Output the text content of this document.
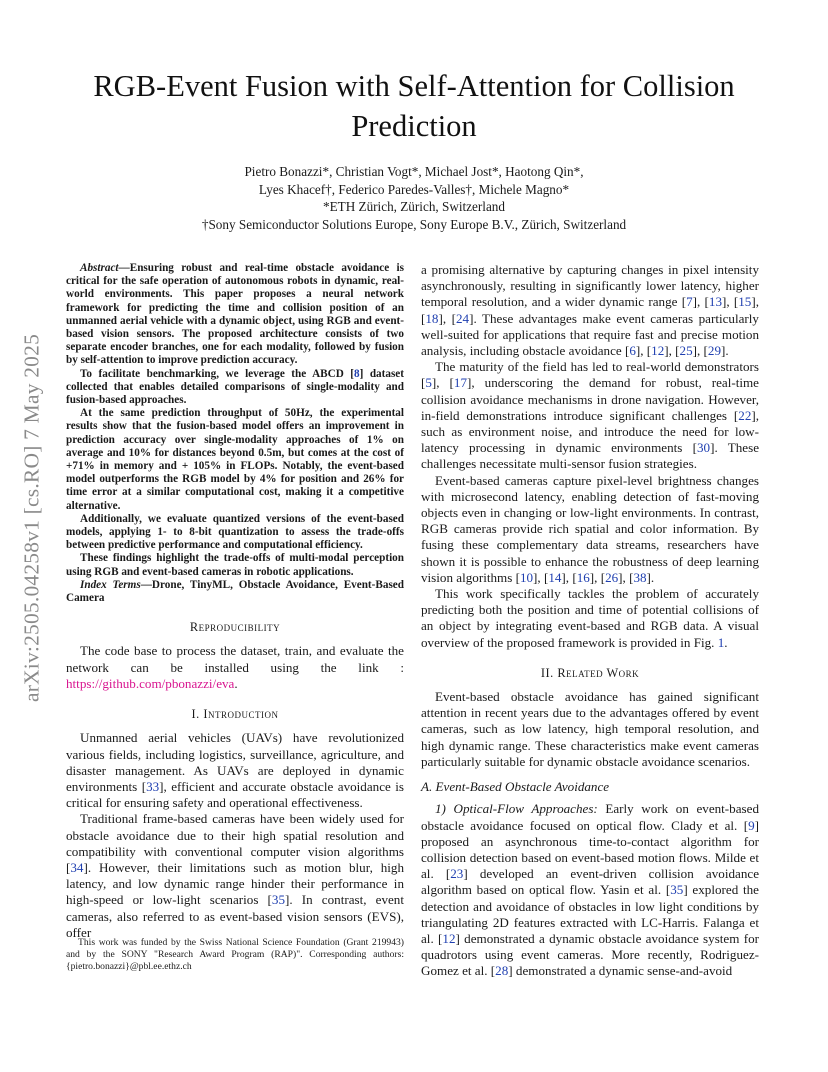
arXiv:2505.04258v1 [cs.RO] 7 May 2025
RGB-Event Fusion with Self-Attention for Collision Prediction
Pietro Bonazzi*, Christian Vogt*, Michael Jost*, Haotong Qin*,
Lyes Khacef†, Federico Paredes-Valles†, Michele Magno*
*ETH Zürich, Zürich, Switzerland
†Sony Semiconductor Solutions Europe, Sony Europe B.V., Zürich, Switzerland

Abstract—Ensuring robust and real-time obstacle avoidance is critical for the safe operation of autonomous robots in dynamic, real-world environments. This paper proposes a neural network framework for predicting the time and collision position of an unmanned aerial vehicle with a dynamic object, using RGB and event-based vision sensors. The proposed architecture consists of two separate encoder branches, one for each modality, followed by fusion by self-attention to improve prediction accuracy.

To facilitate benchmarking, we leverage the ABCD [8] dataset collected that enables detailed comparisons of single-modality and fusion-based approaches.

At the same prediction throughput of 50Hz, the experimental results show that the fusion-based model offers an improvement in prediction accuracy over single-modality approaches of 1% on average and 10% for distances beyond 0.5m, but comes at the cost of +71% in memory and + 105% in FLOPs. Notably, the event-based model outperforms the RGB model by 4% for position and 26% for time error at a similar computational cost, making it a competitive alternative.

Additionally, we evaluate quantized versions of the event-based models, applying 1- to 8-bit quantization to assess the trade-offs between predictive performance and computational efficiency.

These findings highlight the trade-offs of multi-modal perception using RGB and event-based cameras in robotic applications.

Index Terms—Drone, TinyML, Obstacle Avoidance, Event-Based Camera

Reproducibility

The code base to process the dataset, train, and evaluate the network can be installed using the link : https://github.com/pbonazzi/eva.

I. Introduction

Unmanned aerial vehicles (UAVs) have revolutionized various fields, including logistics, surveillance, agriculture, and disaster management. As UAVs are deployed in dynamic environments [33], efficient and accurate obstacle avoidance is critical for ensuring safety and operational effectiveness.

Traditional frame-based cameras have been widely used for obstacle avoidance due to their high spatial resolution and compatibility with conventional computer vision algorithms [34]. However, their limitations such as motion blur, high latency, and low dynamic range hinder their performance in high-speed or low-light scenarios [35]. In contrast, event cameras, also referred to as event-based vision sensors (EVS), offer

This work was funded by the Swiss National Science Foundation (Grant 219943) and by the SONY "Research Award Program (RAP)". Corresponding authors: {pietro.bonazzi}@pbl.ee.ethz.ch

a promising alternative by capturing changes in pixel intensity asynchronously, resulting in significantly lower latency, higher temporal resolution, and a wider dynamic range [7], [13], [15], [18], [24]. These advantages make event cameras particularly well-suited for applications that require fast and precise motion analysis, including obstacle avoidance [6], [12], [25], [29].

The maturity of the field has led to real-world demonstrators [5], [17], underscoring the demand for robust, real-time collision avoidance mechanisms in drone navigation. However, in-field demonstrations introduce significant challenges [22], such as environment noise, and introduce the need for low-latency processing in dynamic environments [30]. These challenges necessitate multi-sensor fusion strategies.

Event-based cameras capture pixel-level brightness changes with microsecond latency, enabling detection of fast-moving objects even in changing or low-light environments. In contrast, RGB cameras provide rich spatial and color information. By fusing these complementary data streams, researchers have shown it is possible to enhance the robustness of deep learning vision algorithms [10], [14], [16], [26], [38].

This work specifically tackles the problem of accurately predicting both the position and time of potential collisions of an object by integrating event-based and RGB data. A visual overview of the proposed framework is provided in Fig. 1.

II. Related Work

Event-based obstacle avoidance has gained significant attention in recent years due to the advantages offered by event cameras, such as low latency, high temporal resolution, and high dynamic range. These characteristics make event cameras particularly suitable for dynamic obstacle avoidance scenarios.

A. Event-Based Obstacle Avoidance

1) Optical-Flow Approaches: Early work on event-based obstacle avoidance focused on optical flow. Clady et al. [9] proposed an asynchronous time-to-contact algorithm for collision detection based on event-based motion flows. Milde et al. [23] developed an event-driven collision avoidance algorithm based on optical flow. Yasin et al. [35] explored the detection and avoidance of obstacles in low light conditions by triangulating 2D features extracted with LC-Harris. Falanga et al. [12] demonstrated a dynamic obstacle avoidance system for quadrotors using event cameras. More recently, Rodriguez-Gomez et al. [28] demonstrated a dynamic sense-and-avoid
